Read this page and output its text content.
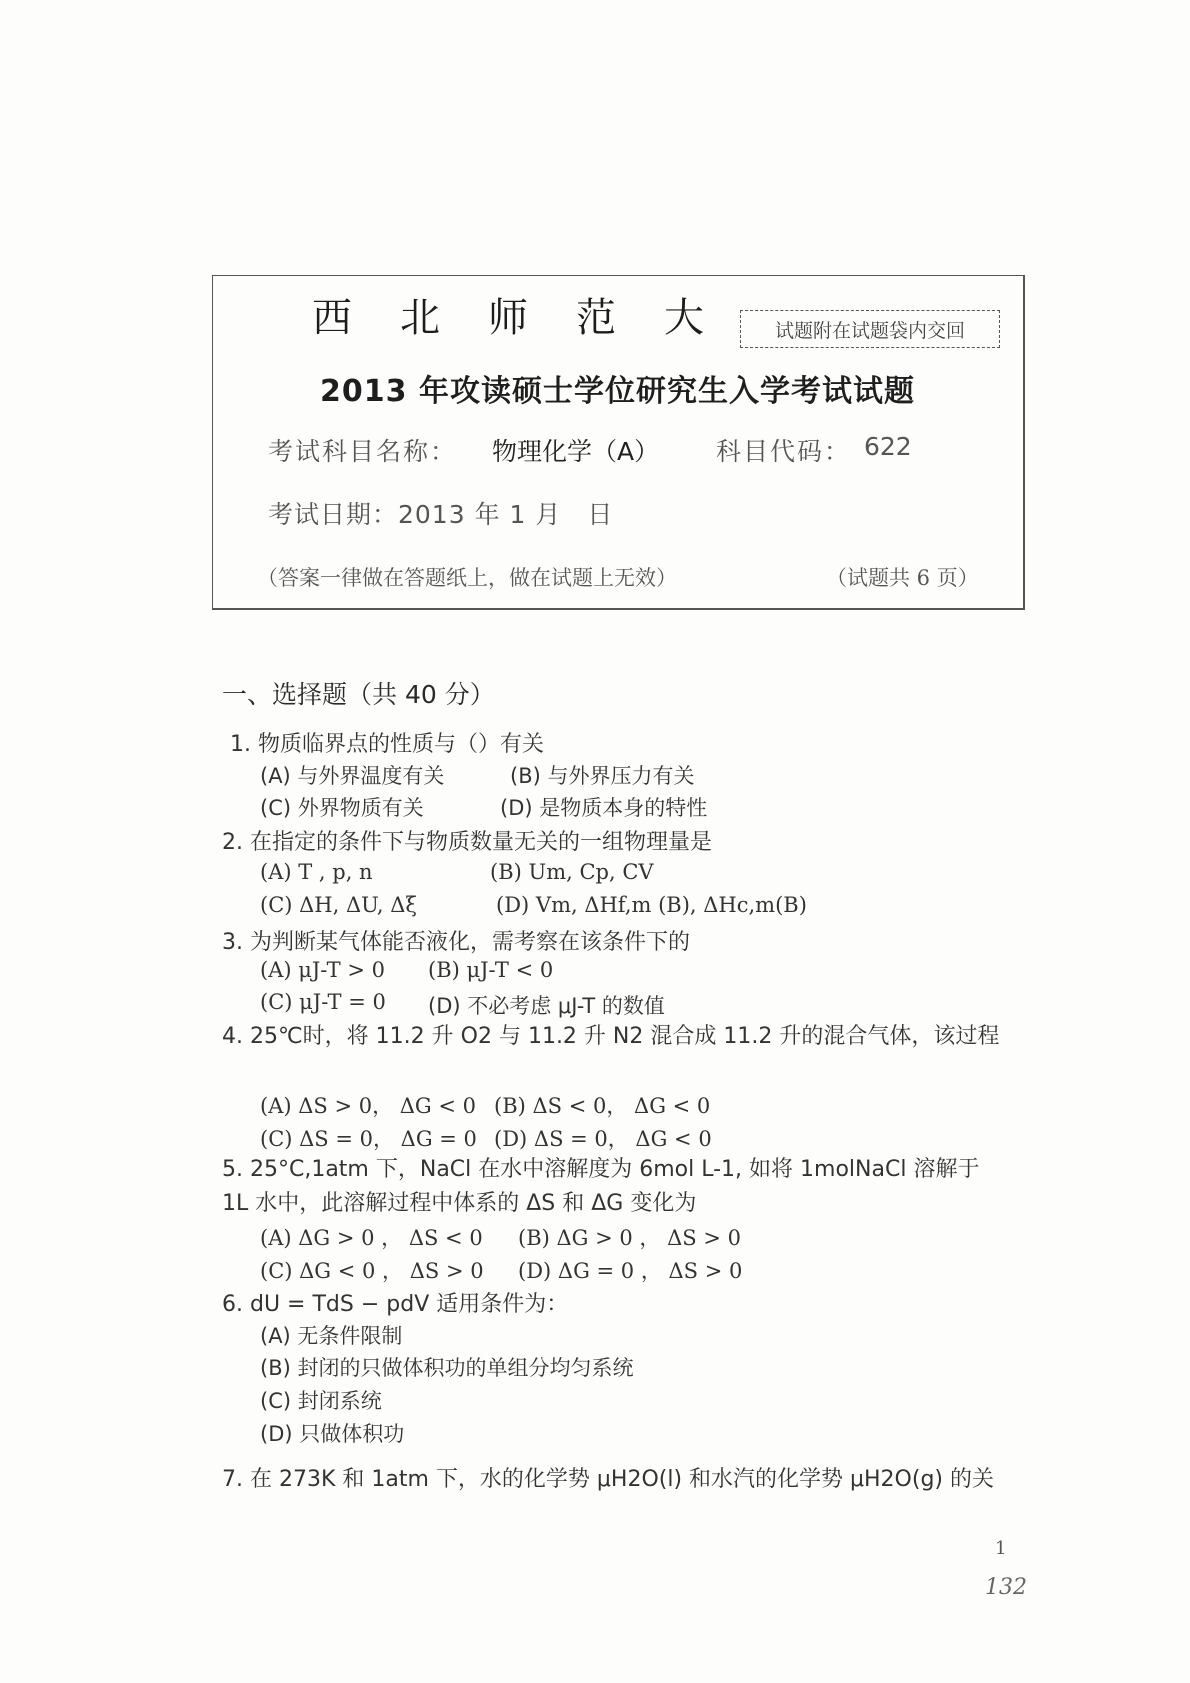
西北师范大	试题附在试题袋内交回
2013 年攻读硕士学位研究生入学考试试题
考试科目名称： 物理化学（A） 科目代码： 622
考试日期：2013 年 1 月　日
（答案一律做在答题纸上，做在试题上无效）	（试题共 6 页）
一、选择题（共 40 分）
1. 物质临界点的性质与（）有关
(A) 与外界温度有关	(B) 与外界压力有关
(C) 外界物质有关	(D) 是物质本身的特性
2. 在指定的条件下与物质数量无关的一组物理量是
(A) T , p, n	(B) Um, Cp, CV
(C) ΔH, ΔU, Δξ	(D) Vm, ΔHf,m (B), ΔHc,m(B)
3. 为判断某气体能否液化，需考察在该条件下的
(A) μJ-T > 0 (B) μJ-T < 0
(C) μJ-T = 0 (D) 不必考虑 μJ-T 的数值
4. 25℃时，将 11.2 升 O2 与 11.2 升 N2 混合成 11.2 升的混合气体，该过程
(A) ΔS > 0， ΔG < 0 (B) ΔS < 0， ΔG < 0
(C) ΔS = 0， ΔG = 0 (D) ΔS = 0， ΔG < 0
5. 25°C,1atm 下，NaCl 在水中溶解度为 6mol L-1, 如将 1molNaCl 溶解于 1L 水中，此溶解过程中体系的 ΔS 和 ΔG 变化为
(A) ΔG > 0 ， ΔS < 0 (B) ΔG > 0 ， ΔS > 0
(C) ΔG < 0 ， ΔS > 0 (D) ΔG = 0 ， ΔS > 0
6. dU = TdS − pdV 适用条件为：
(A) 无条件限制
(B) 封闭的只做体积功的单组分均匀系统
(C) 封闭系统
(D) 只做体积功
7. 在 273K 和 1atm 下，水的化学势 μH2O(l) 和水汽的化学势 μH2O(g) 的关
1
132
